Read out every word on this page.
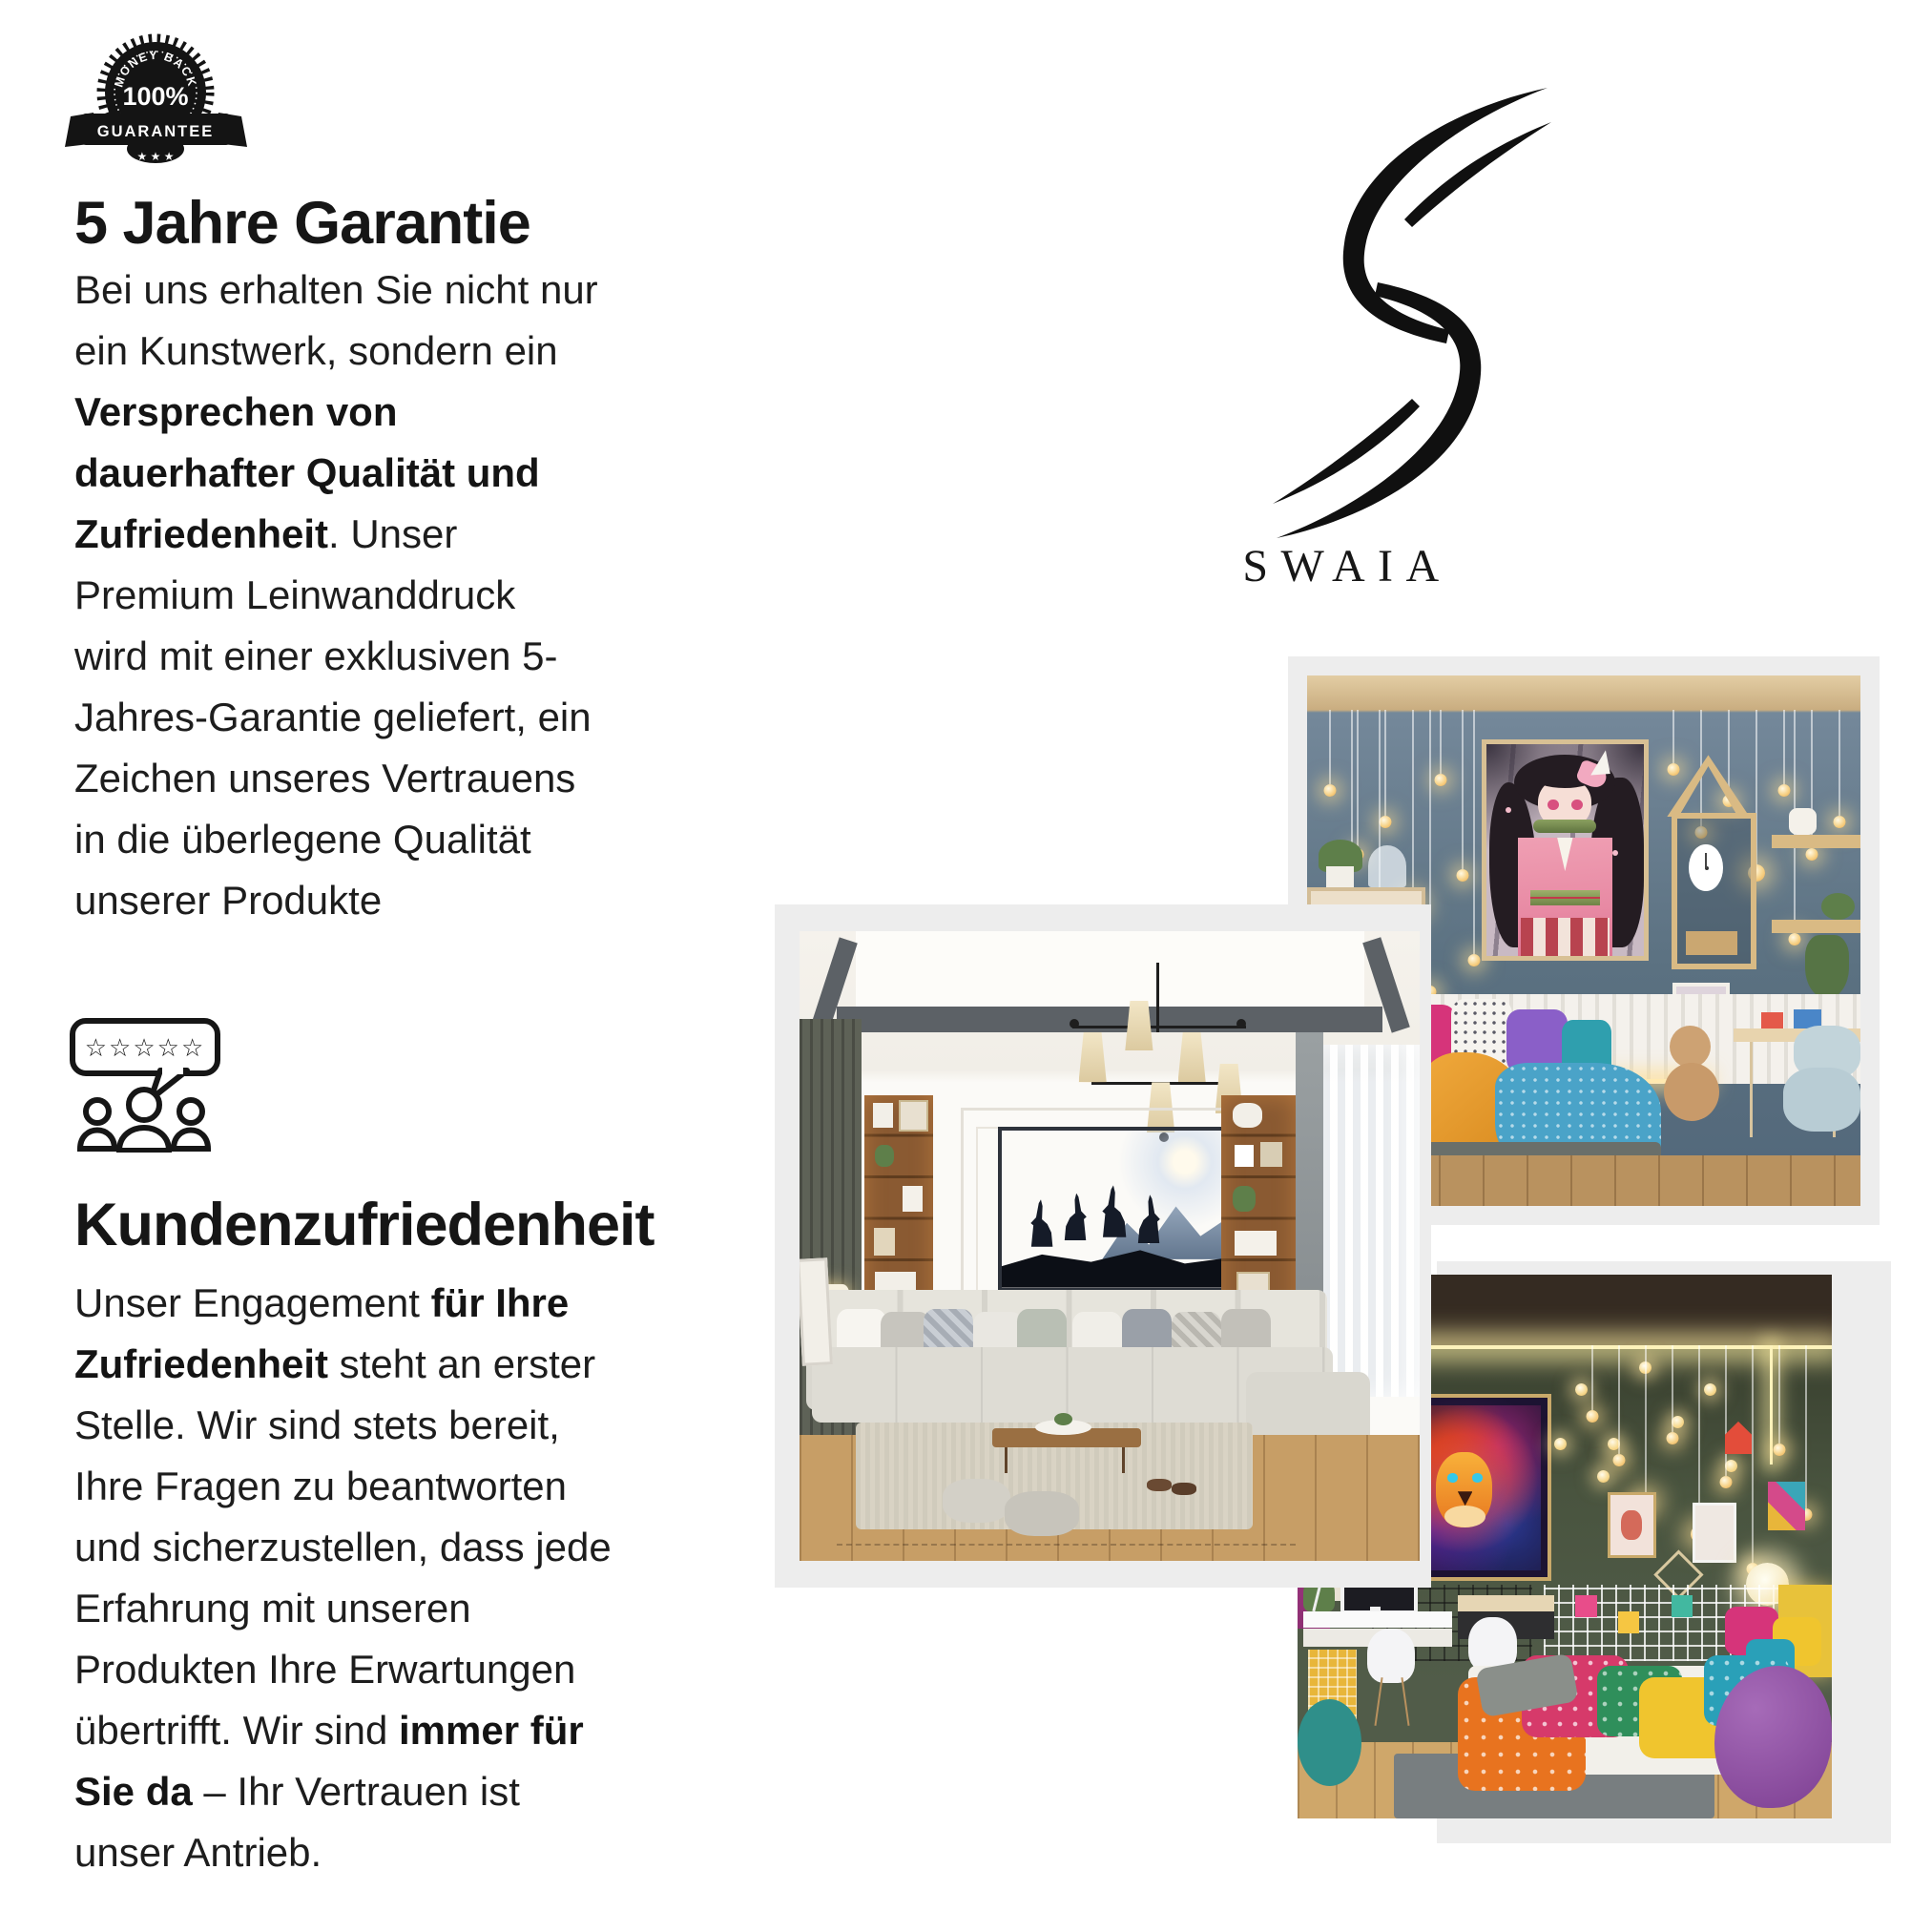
MONEY BACK
100%
GUARANTEE
★ ★ ★
5 Jahre Garantie
Bei uns erhalten Sie nicht nur
ein Kunstwerk, sondern ein
Versprechen von
dauerhafter Qualität und
Zufriedenheit. Unser
Premium Leinwanddruck
wird mit einer exklusiven 5-
Jahres-Garantie geliefert, ein
Zeichen unseres Vertrauens
in die überlegene Qualität
unserer Produkte
☆☆☆☆☆
Kundenzufriedenheit
Unser Engagement für Ihre
Zufriedenheit steht an erster
Stelle. Wir sind stets bereit,
Ihre Fragen zu beantworten
und sicherzustellen, dass jede
Erfahrung mit unseren
Produkten Ihre Erwartungen
übertrifft. Wir sind immer für
Sie da – Ihr Vertrauen ist
unser Antrieb.
SWAIA
